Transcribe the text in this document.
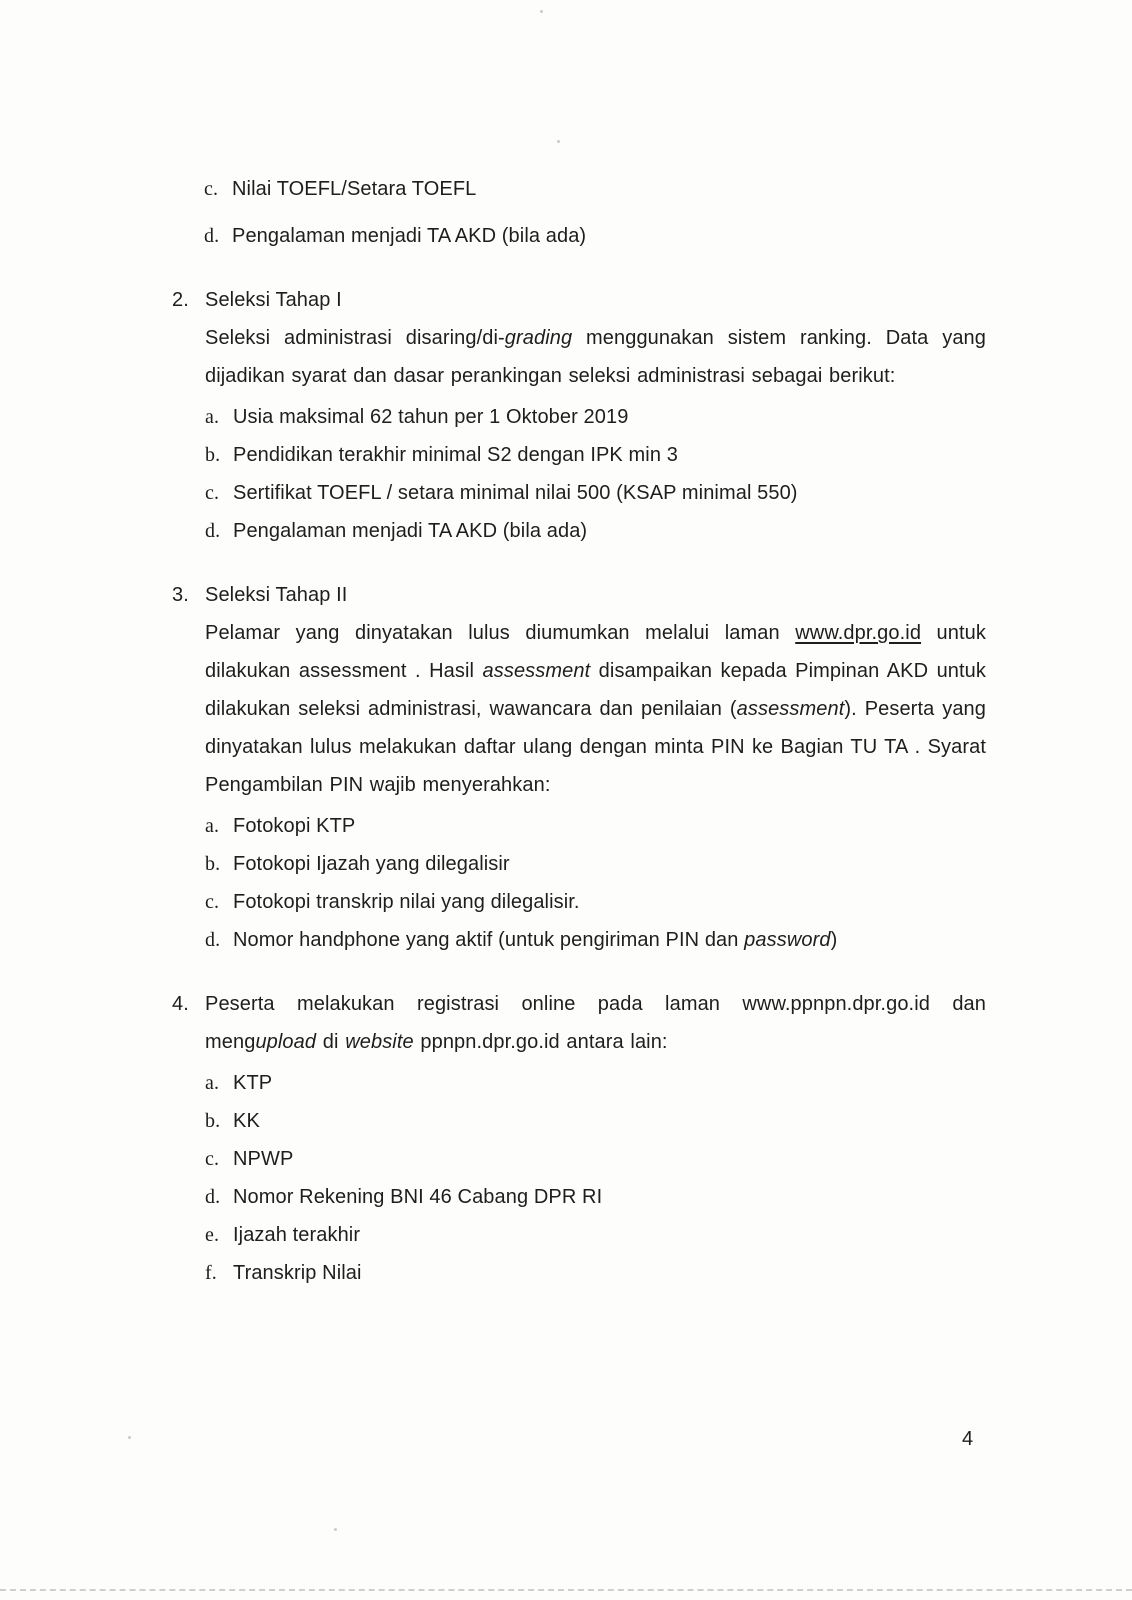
c. Nilai TOEFL/Setara TOEFL
d. Pengalaman menjadi TA AKD (bila ada)
2. Seleksi Tahap I
Seleksi administrasi disaring/di-grading menggunakan sistem ranking. Data yang dijadikan syarat dan dasar perankingan seleksi administrasi sebagai berikut:
a. Usia maksimal 62 tahun per 1 Oktober 2019
b. Pendidikan terakhir minimal S2 dengan IPK min 3
c. Sertifikat TOEFL / setara minimal nilai 500 (KSAP minimal 550)
d. Pengalaman menjadi TA AKD (bila ada)
3. Seleksi Tahap II
Pelamar yang dinyatakan lulus diumumkan melalui laman www.dpr.go.id untuk dilakukan assessment . Hasil assessment disampaikan kepada Pimpinan AKD untuk dilakukan seleksi administrasi, wawancara dan penilaian (assessment). Peserta yang dinyatakan lulus melakukan daftar ulang dengan minta PIN ke Bagian TU TA . Syarat Pengambilan PIN wajib menyerahkan:
a. Fotokopi KTP
b. Fotokopi Ijazah yang dilegalisir
c. Fotokopi transkrip nilai yang dilegalisir.
d. Nomor handphone yang aktif (untuk pengiriman PIN dan password)
4. Peserta melakukan registrasi online pada laman www.ppnpn.dpr.go.id dan mengupload di website ppnpn.dpr.go.id antara lain:
a. KTP
b. KK
c. NPWP
d. Nomor Rekening BNI 46 Cabang DPR RI
e. Ijazah terakhir
f. Transkrip Nilai
4
